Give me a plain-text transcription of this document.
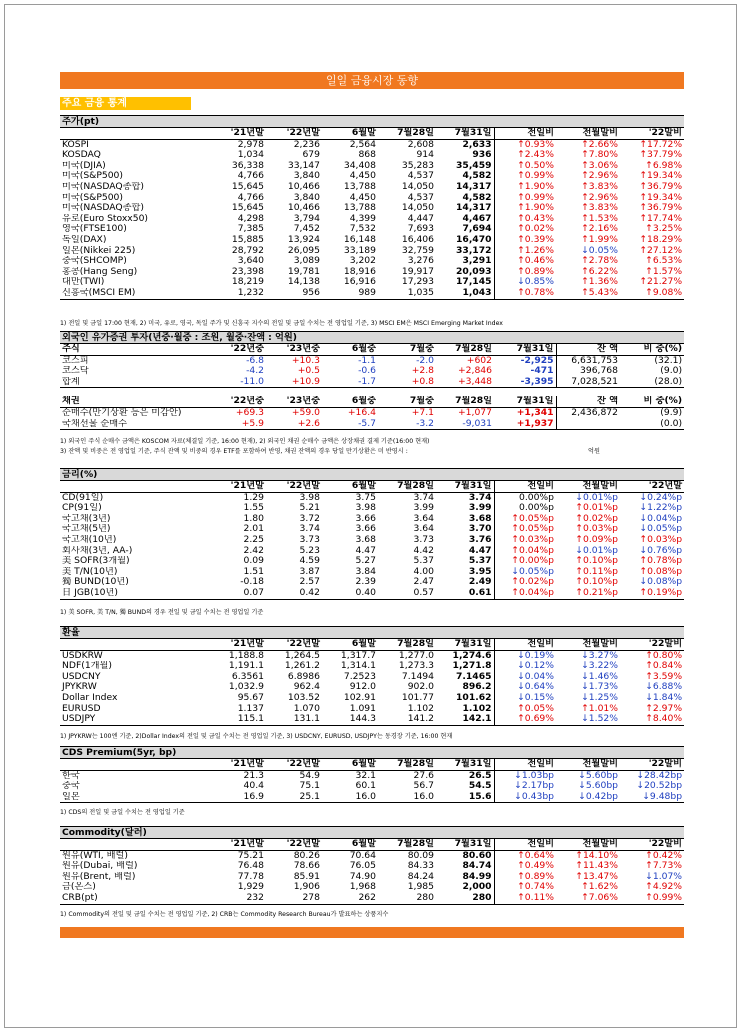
일일 금융시장 동향
주요 금융 통계
주가(pt)								
	'21년말	'22년말	6월말	7월28일	7월31일	전일비	전월말비	'22말비
KOSPI	2,978	2,236	2,564	2,608	2,633	↑0.93%	↑2.66%	↑17.72%
KOSDAQ	1,034	679	868	914	936	↑2.43%	↑7.80%	↑37.79%
미국(DJIA)	36,338	33,147	34,408	35,283	35,459	↑0.50%	↑3.06%	↑6.98%
미국(S&P500)	4,766	3,840	4,450	4,537	4,582	↑0.99%	↑2.96%	↑19.34%
미국(NASDAQ종합)	15,645	10,466	13,788	14,050	14,317	↑1.90%	↑3.83%	↑36.79%
미국(S&P500)	4,766	3,840	4,450	4,537	4,582	↑0.99%	↑2.96%	↑19.34%
미국(NASDAQ종합)	15,645	10,466	13,788	14,050	14,317	↑1.90%	↑3.83%	↑36.79%
유로(Euro Stoxx50)	4,298	3,794	4,399	4,447	4,467	↑0.43%	↑1.53%	↑17.74%
영국(FTSE100)	7,385	7,452	7,532	7,693	7,694	↑0.02%	↑2.16%	↑3.25%
독일(DAX)	15,885	13,924	16,148	16,406	16,470	↑0.39%	↑1.99%	↑18.29%
일본(Nikkei 225)	28,792	26,095	33,189	32,759	33,172	↑1.26%	↓0.05%	↑27.12%
중국(SHCOMP)	3,640	3,089	3,202	3,276	3,291	↑0.46%	↑2.78%	↑6.53%
홍콩(Hang Seng)	23,398	19,781	18,916	19,917	20,093	↑0.89%	↑6.22%	↑1.57%
대만(TWI)	18,219	14,138	16,916	17,293	17,145	↓0.85%	↑1.36%	↑21.27%
신흥국(MSCI EM)	1,232	956	989	1,035	1,043	↑0.78%	↑5.43%	↑9.08%
1) 전일 및 금일 17:00 현재, 2) 미국, 유로, 영국, 독일 주가 및 신흥국 지수의 전일 및 금일 수치는 전 영업일 기준, 3) MSCI EM은 MSCI Emerging Market Index
외국인 유가증권 투자(년중·월중 : 조원, 월중·잔액 : 억원)								
주식	'22년중	'23년중	6월중	7월중	7월28일	7월31일	잔 액	비 중(%)
코스피	-6.8	+10.3	-1.1	-2.0	+602	-2,925	6,631,753	(32.1)
코스닥	-4.2	+0.5	-0.6	+2.8	+2,846	-471	396,768	(9.0)
합계	-11.0	+10.9	-1.7	+0.8	+3,448	-3,395	7,028,521	(28.0)

채권	'22년중	'23년중	6월중	7월중	7월28일	7월31일	잔 액	비 중(%)
순매수(만기상환 등은 미감안)	+69.3	+59.0	+16.4	+7.1	+1,077	+1,341	2,436,872	(9.9)
국채선물 순매수	+5.9	+2.6	-5.7	-3.2	-9,031	+1,937		(0.0)
1) 외국인 주식 순매수 금액은 KOSCOM 자료(체결일 기준, 16:00 현재), 2) 외국인 채권 순매수 금액은 상장채권 결제 기준(16:00 현재)
3) 잔액 및 비중은 전 영업일 기준, 주식 잔액 및 비중의 경우 ETF를 포함하여 반영, 채권 잔액의 경우 당일 만기상환은 미 반영시 :	억원
금리(%)								
	'21년말	'22년말	6월말	7월28일	7월31일	전일비	전월말비	'22년말
CD(91일)	1.29	3.98	3.75	3.74	3.74	0.00%p	↓0.01%p	↓0.24%p
CP(91일)	1.55	5.21	3.98	3.99	3.99	0.00%p	↑0.01%p	↓1.22%p
국고채(3년)	1.80	3.72	3.66	3.64	3.68	↑0.05%p	↑0.02%p	↓0.04%p
국고채(5년)	2.01	3.74	3.66	3.64	3.70	↑0.05%p	↑0.03%p	↓0.05%p
국고채(10년)	2.25	3.73	3.68	3.73	3.76	↑0.03%p	↑0.09%p	↑0.03%p
회사채(3년, AA-)	2.42	5.23	4.47	4.42	4.47	↑0.04%p	↓0.01%p	↓0.76%p
美 SOFR(3개월)	0.09	4.59	5.27	5.37	5.37	↑0.00%p	↑0.10%p	↑0.78%p
美 T/N(10년)	1.51	3.87	3.84	4.00	3.95	↓0.05%p	↑0.11%p	↑0.08%p
獨 BUND(10년)	-0.18	2.57	2.39	2.47	2.49	↑0.02%p	↑0.10%p	↓0.08%p
日 JGB(10년)	0.07	0.42	0.40	0.57	0.61	↑0.04%p	↑0.21%p	↑0.19%p
1) 美 SOFR, 美 T/N, 獨 BUND의 경우 전일 및 금일 수치는 전 영업일 기준
환율								
	'21년말	'22년말	6월말	7월28일	7월31일	전일비	전월말비	'22말비
USDKRW	1,188.8	1,264.5	1,317.7	1,277.0	1,274.6	↓0.19%	↓3.27%	↑0.80%
NDF(1개월)	1,191.1	1,261.2	1,314.1	1,273.3	1,271.8	↓0.12%	↓3.22%	↑0.84%
USDCNY	6.3561	6.8986	7.2523	7.1494	7.1465	↓0.04%	↓1.46%	↑3.59%
JPYKRW	1,032.9	962.4	912.0	902.0	896.2	↓0.64%	↓1.73%	↓6.88%
Dollar Index	95.67	103.52	102.91	101.77	101.62	↓0.15%	↓1.25%	↓1.84%
EURUSD	1.137	1.070	1.091	1.102	1.102	↑0.05%	↑1.01%	↑2.97%
USDJPY	115.1	131.1	144.3	141.2	142.1	↑0.69%	↓1.52%	↑8.40%
1) JPYKRW는 100엔 기준, 2)Dollar Index의 전일 및 금일 수치는 전 영업일 기준, 3) USDCNY, EURUSD, USDJPY는 동경장 기준, 16:00 현재
CDS Premium(5yr, bp)								
	'21년말	'22년말	6월말	7월28일	7월31일	전일비	전월말비	'22말비
한국	21.3	54.9	32.1	27.6	26.5	↓1.03bp	↓5.60bp	↓28.42bp
중국	40.4	75.1	60.1	56.7	54.5	↓2.17bp	↓5.60bp	↓20.52bp
일본	16.9	25.1	16.0	16.0	15.6	↓0.43bp	↓0.42bp	↓9.48bp
1) CDS의 전일 및 금일 수치는 전 영업일 기준
Commodity(달러)								
	'21년말	'22년말	6월말	7월28일	7월31일	전일비	전월말비	'22말비
원유(WTI, 배럴)	75.21	80.26	70.64	80.09	80.60	↑0.64%	↑14.10%	↑0.42%
원유(Dubai, 배럴)	76.48	78.66	76.05	84.33	84.74	↑0.49%	↑11.43%	↑7.73%
원유(Brent, 배럴)	77.78	85.91	74.90	84.24	84.99	↑0.89%	↑13.47%	↓1.07%
금(온스)	1,929	1,906	1,968	1,985	2,000	↑0.74%	↑1.62%	↑4.92%
CRB(pt)	232	278	262	280	280	↑0.11%	↑7.06%	↑0.99%
1) Commodity의 전일 및 금일 수치는 전 영업일 기준, 2) CRB는 Commodity Research Bureau가 발표하는 상품지수
